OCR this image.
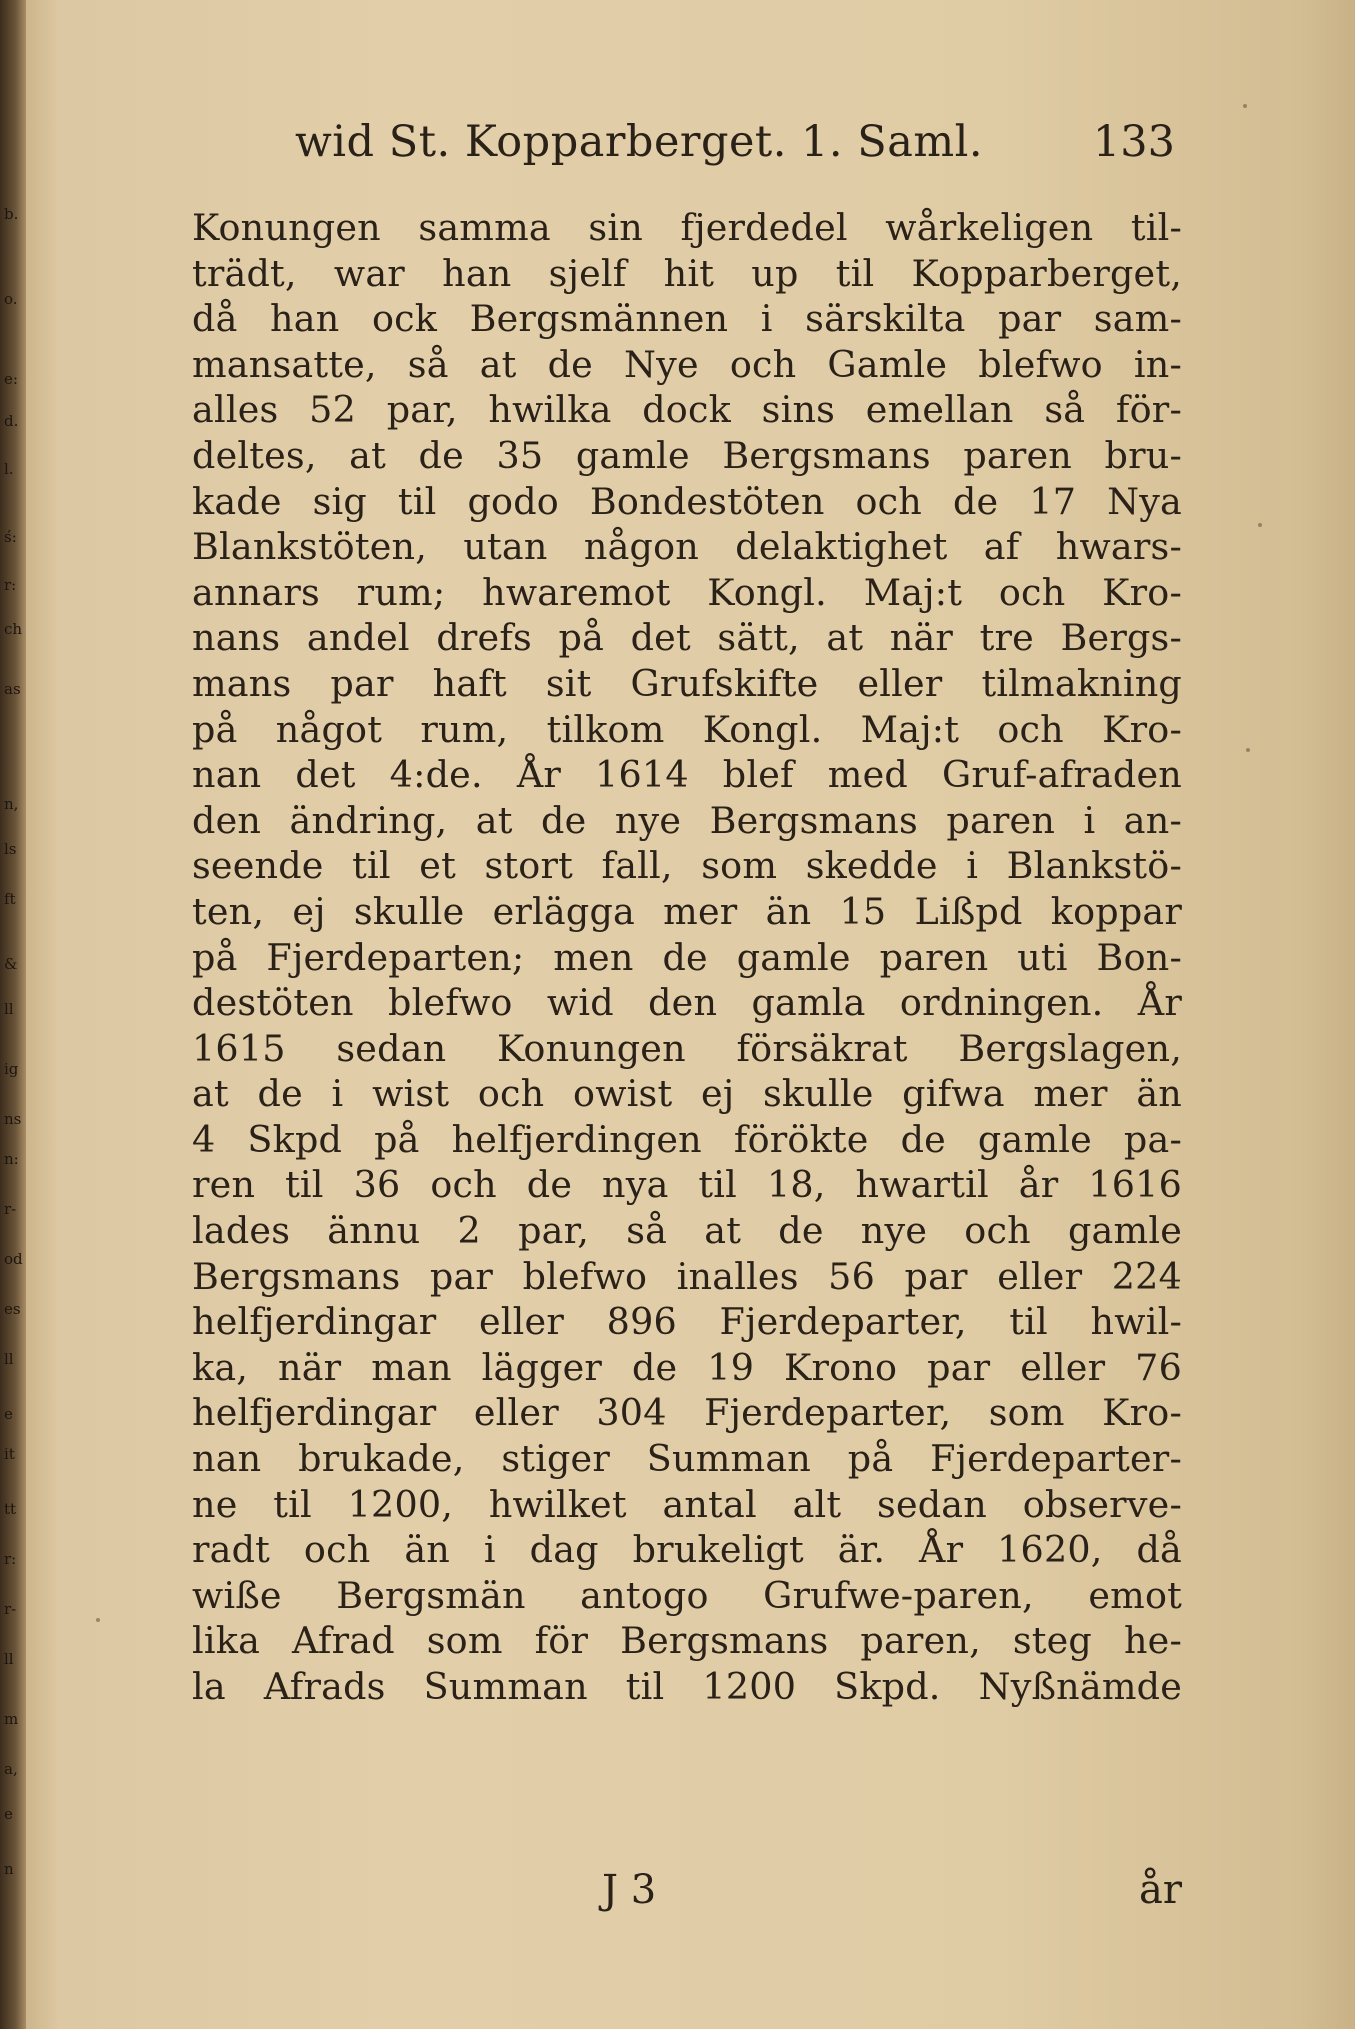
b.
o.
e:
d.
l.
ś:
r:
ch
as
n,
ls
ft
&
ll
ig
ns
n:
r-
od
es
ll
e
it
tt
r:
r-
ll
m
a,
e
n
wid St. Kopparberget. 1. Saml.	133
Konungen samma sin fjerdedel wårkeligen til-
trädt, war han sjelf hit up til Kopparberget,
då han ock Bergsmännen i särskilta par sam-
mansatte, så at de Nye och Gamle blefwo in-
alles 52 par, hwilka dock sins emellan så för-
deltes, at de 35 gamle Bergsmans paren bru-
kade sig til godo Bondestöten och de 17 Nya
Blankstöten, utan någon delaktighet af hwars-
annars rum; hwaremot Kongl. Maj:t och Kro-
nans andel drefs på det sätt, at när tre Bergs-
mans par haft sit Grufskifte eller tilmakning
på något rum, tilkom Kongl. Maj:t och Kro-
nan det 4:de. År 1614 blef med Gruf-afraden
den ändring, at de nye Bergsmans paren i an-
seende til et stort fall, som skedde i Blankstö-
ten, ej skulle erlägga mer än 15 Lißpd koppar
på Fjerdeparten; men de gamle paren uti Bon-
destöten blefwo wid den gamla ordningen. År
1615 sedan Konungen försäkrat Bergslagen,
at de i wist och owist ej skulle gifwa mer än
4 Skpd på helfjerdingen förökte de gamle pa-
ren til 36 och de nya til 18, hwartil år 1616
lades ännu 2 par, så at de nye och gamle
Bergsmans par blefwo inalles 56 par eller 224
helfjerdingar eller 896 Fjerdeparter, til hwil-
ka, när man lägger de 19 Krono par eller 76
helfjerdingar eller 304 Fjerdeparter, som Kro-
nan brukade, stiger Summan på Fjerdeparter-
ne til 1200, hwilket antal alt sedan observe-
radt och än i dag brukeligt är. År 1620, då
wiße Bergsmän antogo Grufwe-paren, emot
lika Afrad som för Bergsmans paren, steg he-
la Afrads Summan til 1200 Skpd. Nyßnämde
J 3	år
